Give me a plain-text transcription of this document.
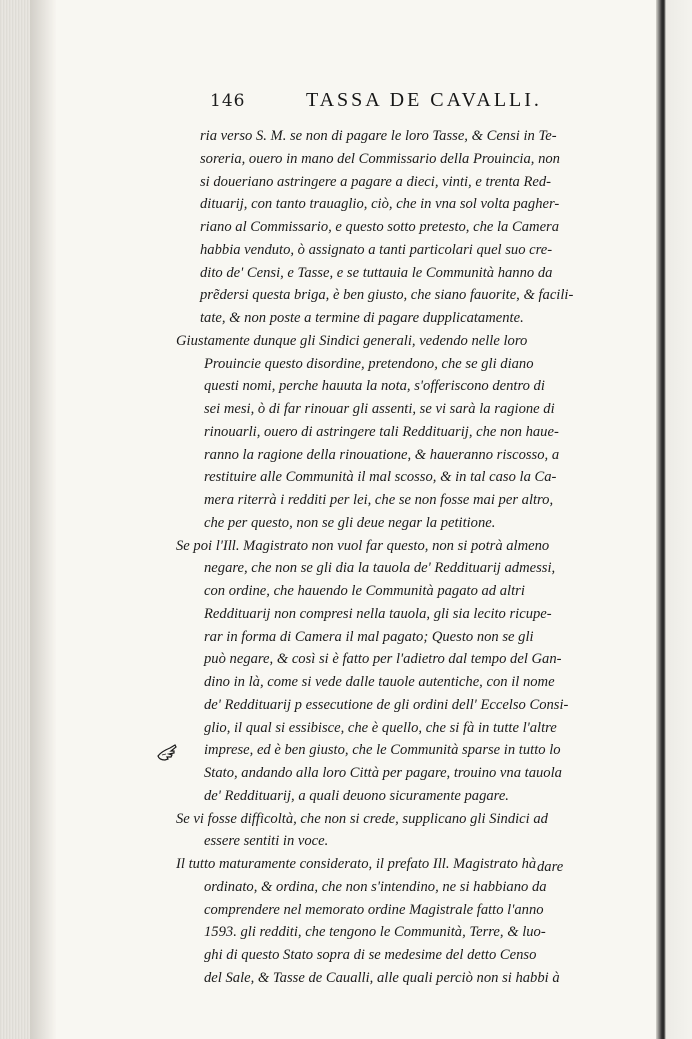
146	TASSA DE CAVALLI.
ria verso S. M. se non di pagare le loro Tasse, & Censi in Te-
soreria, ouero in mano del Commissario della Prouincia, non
si doueriano astringere a pagare a dieci, vinti, e trenta Red-
dituarij, con tanto trauaglio, ciò, che in vna sol volta pagher-
riano al Commissario, e questo sotto pretesto, che la Camera
habbia venduto, ò assignato a tanti particolari quel suo cre-
dito de' Censi, e Tasse, e se tuttauia le Communità hanno da
prẽdersi questa briga, è ben giusto, che siano fauorite, & facili-
tate, & non poste a termine di pagare dupplicatamente.
Giustamente dunque gli Sindici generali, vedendo nelle loro
Prouincie questo disordine, pretendono, che se gli diano
questi nomi, perche hauuta la nota, s'offeriscono dentro di
sei mesi, ò di far rinouar gli assenti, se vi sarà la ragione di
rinouarli, ouero di astringere tali Reddituarij, che non haue-
ranno la ragione della rinouatione, & haueranno riscosso, a
restituire alle Communità il mal scosso, & in tal caso la Ca-
mera riterrà i redditi per lei, che se non fosse mai per altro,
che per questo, non se gli deue negar la petitione.
Se poi l'Ill. Magistrato non vuol far questo, non si potrà almeno
negare, che non se gli dia la tauola de' Reddituarij admessi,
con ordine, che hauendo le Communità pagato ad altri
Reddituarij non compresi nella tauola, gli sia lecito ricupe-
rar in forma di Camera il mal pagato; Questo non se gli
può negare, & così si è fatto per l'adietro dal tempo del Gan-
dino in là, come si vede dalle tauole autentiche, con il nome
de' Reddituarij p essecutione de gli ordini dell' Eccelso Consi-
glio, il qual si essibisce, che è quello, che si fà in tutte l'altre
imprese, ed è ben giusto, che le Communità sparse in tutto lo
Stato, andando alla loro Città per pagare, trouino vna tauola
de' Reddituarij, a quali deuono sicuramente pagare.
Se vi fosse difficoltà, che non si crede, supplicano gli Sindici ad
essere sentiti in voce.
Il tutto maturamente considerato, il prefato Ill. Magistrato hà
ordinato, & ordina, che non s'intendino, ne si habbiano da
comprendere nel memorato ordine Magistrale fatto l'anno
1593. gli redditi, che tengono le Communità, Terre, & luo-
ghi di questo Stato sopra di se medesime del detto Censo
del Sale, & Tasse de Caualli, alle quali perciò non si habbi à
dare
